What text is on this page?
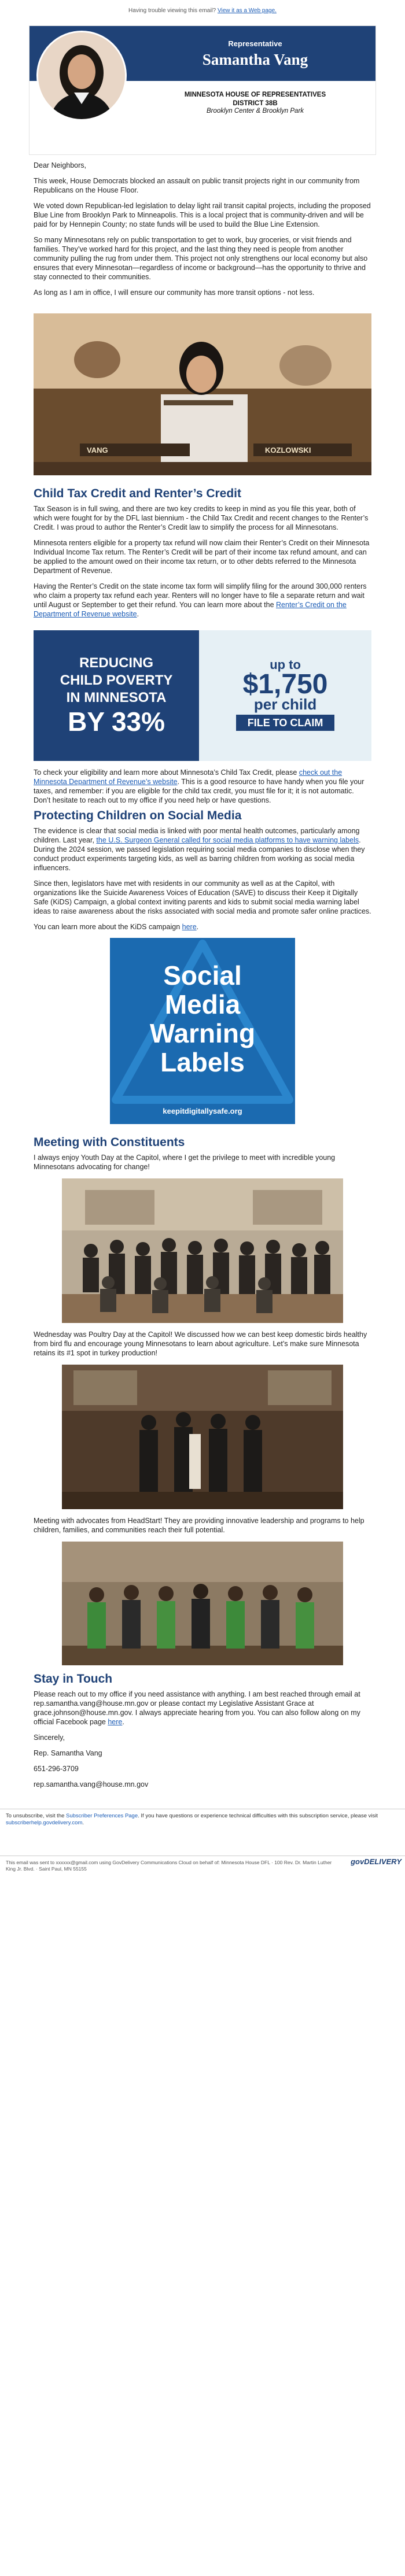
Having trouble viewing this email? View it as a Web page.
Representative
Samantha Vang
MINNESOTA HOUSE OF REPRESENTATIVES
DISTRICT 38B
Brooklyn Center & Brooklyn Park

Dear Neighbors,

This week, House Democrats blocked an assault on public transit projects right in our community from Republicans on the House Floor.

We voted down Republican-led legislation to delay light rail transit capital projects, including the proposed Blue Line from Brooklyn Park to Minneapolis. This is a local project that is community-driven and will be paid for by Hennepin County; no state funds will be used to build the Blue Line Extension.

So many Minnesotans rely on public transportation to get to work, buy groceries, or visit friends and families. They’ve worked hard for this project, and the last thing they need is people from another community pulling the rug from under them. This project not only strengthens our local economy but also ensures that every Minnesotan—regardless of income or background—has the opportunity to thrive and stay connected to their communities.

As long as I am in office, I will ensure our community has more transit options - not less.

VANG	KOZLOWSKI
Child Tax Credit and Renter’s Credit

Tax Season is in full swing, and there are two key credits to keep in mind as you file this year, both of which were fought for by the DFL last biennium - the Child Tax Credit and recent changes to the Renter’s Credit. I was proud to author the Renter’s Credit law to simplify the process for all Minnesotans.

Minnesota renters eligible for a property tax refund will now claim their Renter’s Credit on their Minnesota Individual Income Tax return. The Renter’s Credit will be part of their income tax refund amount, and can be applied to the amount owed on their income tax return, or to other debts referred to the Minnesota Department of Revenue.

Having the Renter’s Credit on the state income tax form will simplify filing for the around 300,000 renters who claim a property tax refund each year. Renters will no longer have to file a separate return and wait until August or September to get their refund. You can learn more about the Renter’s Credit on the Department of Revenue website.

REDUCING
CHILD POVERTY
IN MINNESOTA
BY 33%
up to
$1,750
per child
FILE TO CLAIM

To check your eligibility and learn more about Minnesota’s Child Tax Credit, please check out the Minnesota Department of Revenue’s website. This is a good resource to have handy when you file your taxes, and remember: if you are eligible for the child tax credit, you must file for it; it is not automatic. Don’t hesitate to reach out to my office if you need help or have questions.

Protecting Children on Social Media

The evidence is clear that social media is linked with poor mental health outcomes, particularly among children. Last year, the U.S. Surgeon General called for social media platforms to have warning labels. During the 2024 session, we passed legislation requiring social media companies to disclose when they conduct product experiments targeting kids, as well as barring children from working as social media influencers.

Since then, legislators have met with residents in our community as well as at the Capitol, with organizations like the Suicide Awareness Voices of Education (SAVE) to discuss their Keep it Digitally Safe (KiDS) Campaign, a global context inviting parents and kids to submit social media warning label ideas to raise awareness about the risks associated with social media and promote safer online practices.

You can learn more about the KiDS campaign here.

Social
Media
Warning
Labels
keepitdigitallysafe.org
Meeting with Constituents

I always enjoy Youth Day at the Capitol, where I get the privilege to meet with incredible young Minnesotans advocating for change!

Wednesday was Poultry Day at the Capitol! We discussed how we can best keep domestic birds healthy from bird flu and encourage young Minnesotans to learn about agriculture. Let’s make sure Minnesota retains its #1 spot in turkey production!

Meeting with advocates from HeadStart! They are providing innovative leadership and programs to help children, families, and communities reach their full potential.

Stay in Touch

Please reach out to my office if you need assistance with anything. I am best reached through email at rep.samantha.vang@house.mn.gov or please contact my Legislative Assistant Grace at grace.johnson@house.mn.gov. I always appreciate hearing from you. You can also follow along on my official Facebook page here.

Sincerely,

Rep. Samantha Vang

651-296-3709

rep.samantha.vang@house.mn.gov

To unsubscribe, visit the Subscriber Preferences Page. If you have questions or experience technical difficulties with this subscription service, please visit subscriberhelp.govdelivery.com.
This email was sent to xxxxxx@gmail.com using GovDelivery Communications Cloud on behalf of: Minnesota House DFL · 100 Rev. Dr. Martin Luther King Jr. Blvd. · Saint Paul, MN 55155
govDELIVERY
